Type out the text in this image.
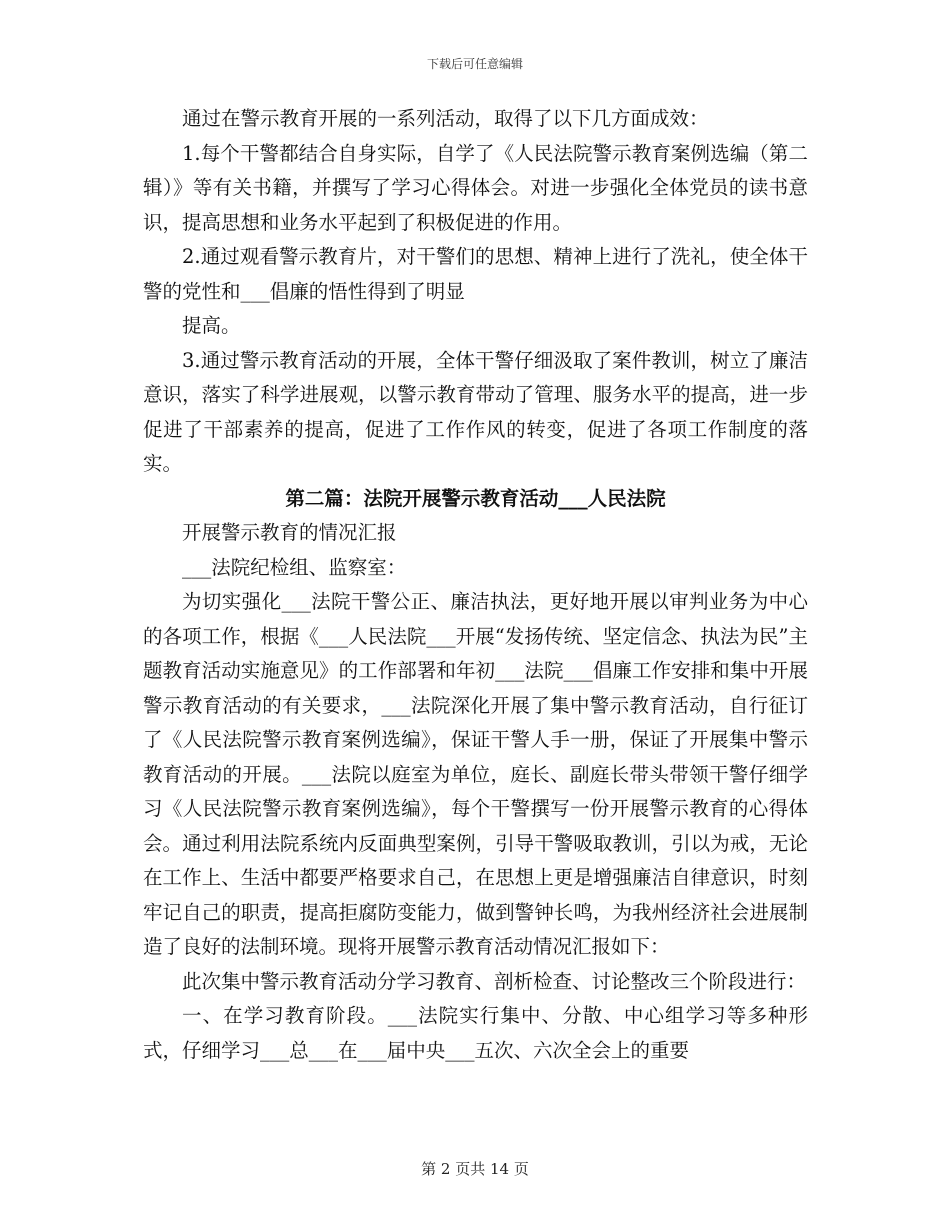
下载后可任意编辑

通过在警示教育开展的一系列活动，取得了以下几方面成效：

1.每个干警都结合自身实际，自学了《人民法院警示教育案例选编（第二辑）》等有关书籍，并撰写了学习心得体会。对进一步强化全体党员的读书意识，提高思想和业务水平起到了积极促进的作用。

2.通过观看警示教育片，对干警们的思想、精神上进行了洗礼，使全体干警的党性和___倡廉的悟性得到了明显

提高。

3.通过警示教育活动的开展，全体干警仔细汲取了案件教训，树立了廉洁意识，落实了科学进展观，以警示教育带动了管理、服务水平的提高，进一步促进了干部素养的提高，促进了工作作风的转变，促进了各项工作制度的落实。

第二篇：法院开展警示教育活动___人民法院

开展警示教育的情况汇报

___法院纪检组、监察室：

为切实强化___法院干警公正、廉洁执法，更好地开展以审判业务为中心的各项工作，根据《___人民法院___开展“发扬传统、坚定信念、执法为民”主题教育活动实施意见》的工作部署和年初___法院___倡廉工作安排和集中开展警示教育活动的有关要求，___法院深化开展了集中警示教育活动，自行征订了《人民法院警示教育案例选编》，保证干警人手一册，保证了开展集中警示教育活动的开展。___法院以庭室为单位，庭长、副庭长带头带领干警仔细学习《人民法院警示教育案例选编》，每个干警撰写一份开展警示教育的心得体会。通过利用法院系统内反面典型案例，引导干警吸取教训，引以为戒，无论在工作上、生活中都要严格要求自己，在思想上更是增强廉洁自律意识，时刻牢记自己的职责，提高拒腐防变能力，做到警钟长鸣，为我州经济社会进展制造了良好的法制环境。现将开展警示教育活动情况汇报如下：

此次集中警示教育活动分学习教育、剖析检查、讨论整改三个阶段进行：

一、在学习教育阶段。___法院实行集中、分散、中心组学习等多种形式，仔细学习___总___在___届中央___五次、六次全会上的重要

第 2 页共 14 页
